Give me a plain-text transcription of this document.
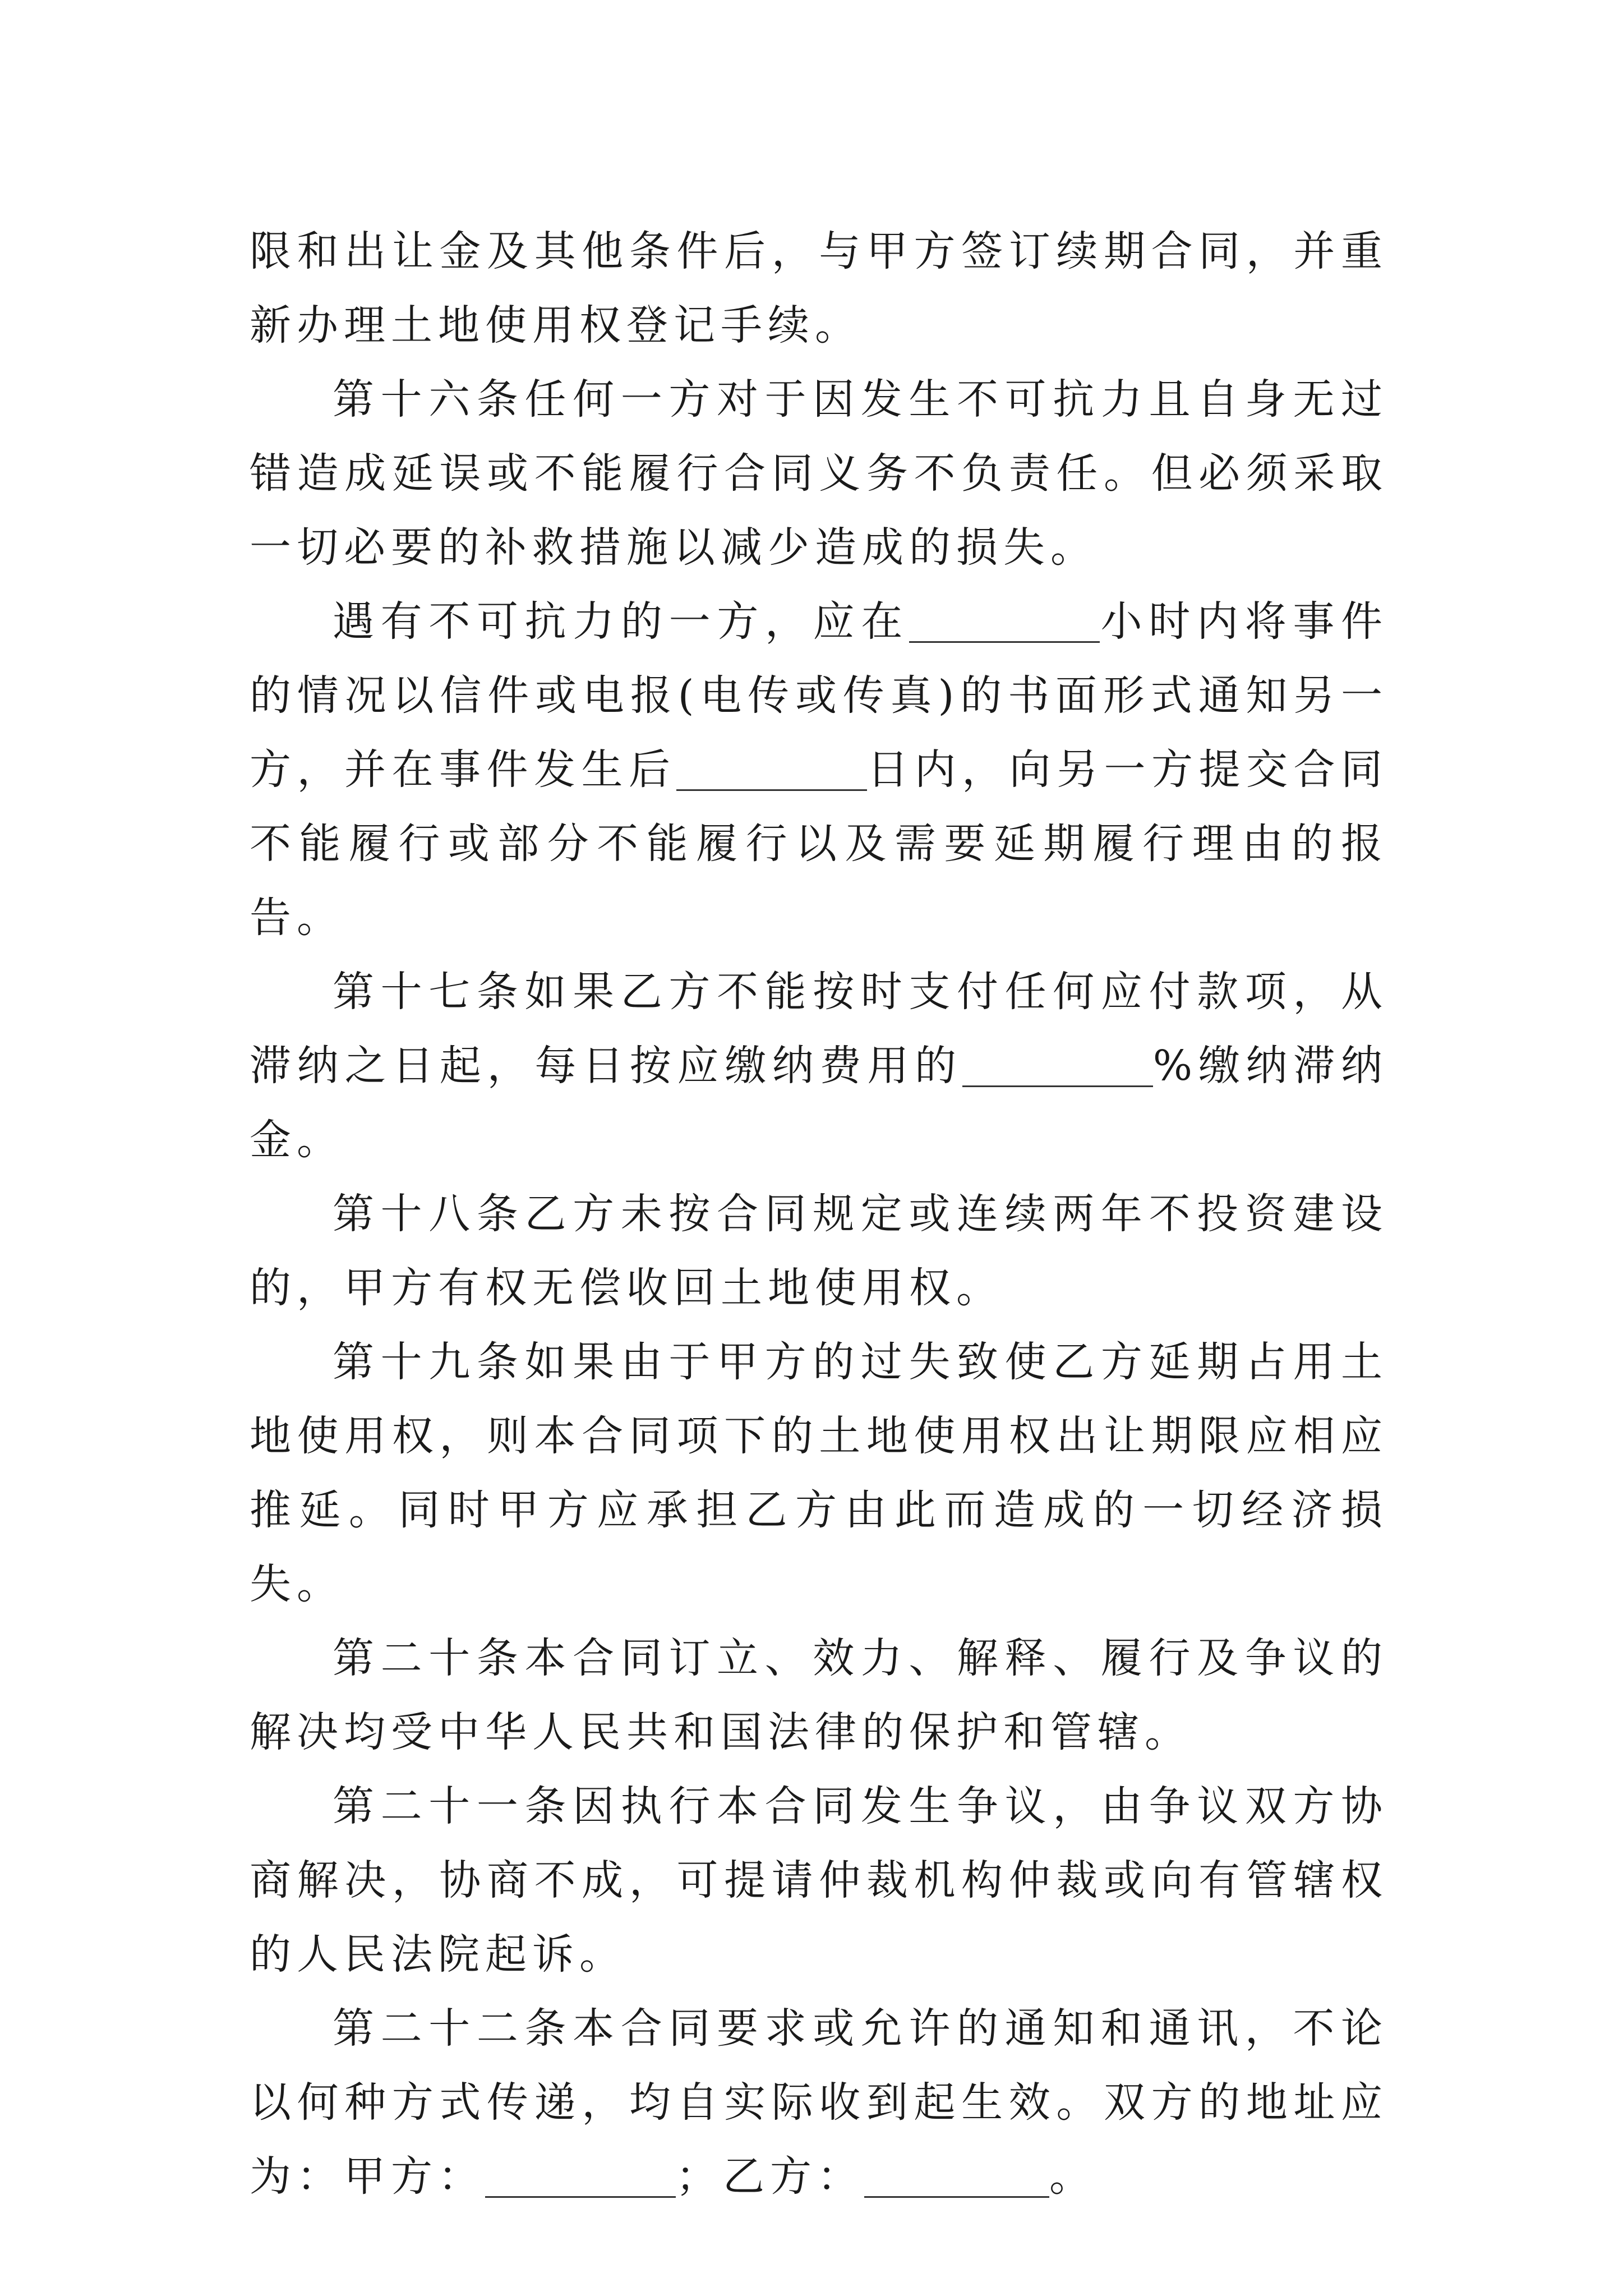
限和出让金及其他条件后，与甲方签订续期合同，并重新办理土地使用权登记手续。

第十六条任何一方对于因发生不可抗力且自身无过错造成延误或不能履行合同义务不负责任。但必须采取一切必要的补救措施以减少造成的损失。

遇有不可抗力的一方，应在	小时内将事件的情况以信件或电报(电传或传真)的书面形式通知另一方，并在事件发生后	日内，向另一方提交合同不能履行或部分不能履行以及需要延期履行理由的报告。

第十七条如果乙方不能按时支付任何应付款项，从滞纳之日起，每日按应缴纳费用的	%缴纳滞纳金。

第十八条乙方未按合同规定或连续两年不投资建设的，甲方有权无偿收回土地使用权。

第十九条如果由于甲方的过失致使乙方延期占用土地使用权，则本合同项下的土地使用权出让期限应相应推延。同时甲方应承担乙方由此而造成的一切经济损失。

第二十条本合同订立、效力、解释、履行及争议的解决均受中华人民共和国法律的保护和管辖。

第二十一条因执行本合同发生争议，由争议双方协商解决，协商不成，可提请仲裁机构仲裁或向有管辖权的人民法院起诉。

第二十二条本合同要求或允许的通知和通讯，不论以何种方式传递，均自实际收到起生效。双方的地址应为：甲方：	；乙方：	。
